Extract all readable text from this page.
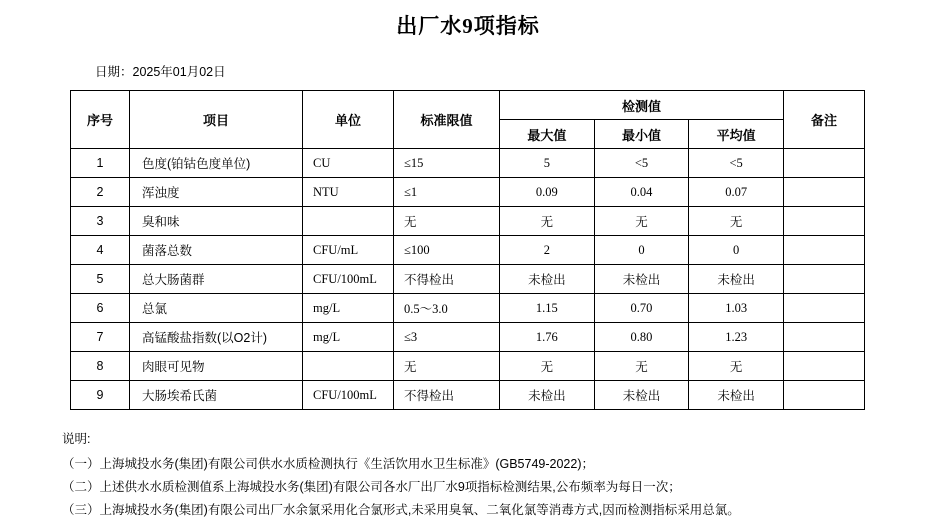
出厂水9项指标
日期：2025年01月02日
序号	项目	单位	标准限值	检测值			备注
				最大值	最小值	平均值	
1	色度(铂钴色度单位)	CU	≤15	5	<5	<5	
2	浑浊度	NTU	≤1	0.09	0.04	0.07	
3	臭和味		无	无	无	无	
4	菌落总数	CFU/mL	≤100	2	0	0	
5	总大肠菌群	CFU/100mL	不得检出	未检出	未检出	未检出	
6	总氯	mg/L	0.5～3.0	1.15	0.70	1.03	
7	高锰酸盐指数(以O2计)	mg/L	≤3	1.76	0.80	1.23	
8	肉眼可见物		无	无	无	无	
9	大肠埃希氏菌	CFU/100mL	不得检出	未检出	未检出	未检出	
说明:
（一）上海城投水务(集团)有限公司供水水质检测执行《生活饮用水卫生标准》(GB5749-2022)；
（二）上述供水水质检测值系上海城投水务(集团)有限公司各水厂出厂水9项指标检测结果,公布频率为每日一次；
（三）上海城投水务(集团)有限公司出厂水余氯采用化合氯形式,未采用臭氧、二氧化氯等消毒方式,因而检测指标采用总氯。
